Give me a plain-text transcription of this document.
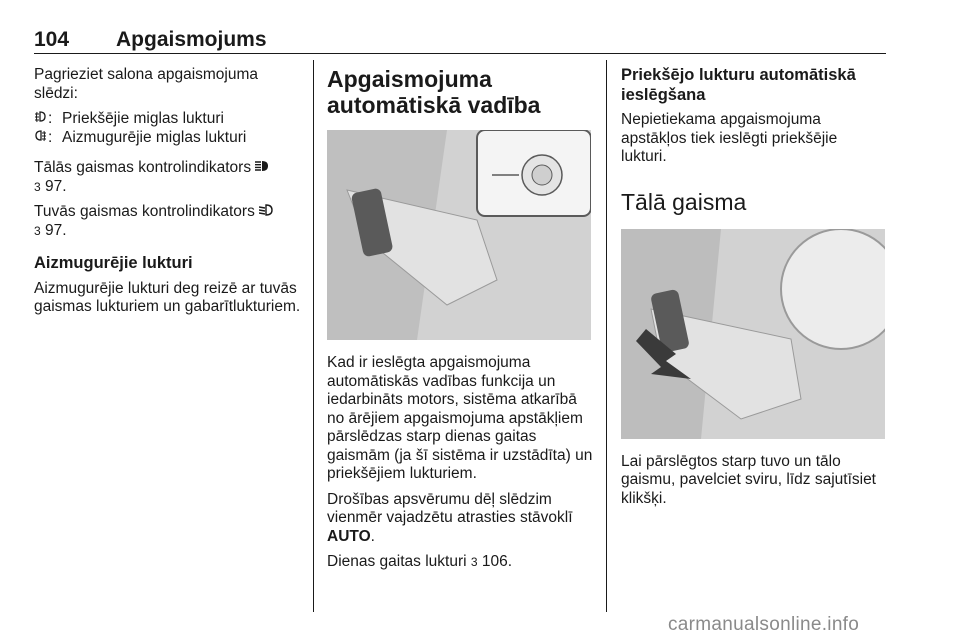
104 Apgaismojums

Pagrieziet salona apgaismojuma slēdzi:

: Priekšējie miglas lukturi
: Aizmugurējie miglas lukturi

Tālās gaismas kontrolindikators
3 97.

Tuvās gaismas kontrolindikators
3 97.

Aizmugurējie lukturi

Aizmugurējie lukturi deg reizē ar tuvās gaismas lukturiem un gabarītlukturiem.

Apgaismojuma automātiskā vadība

Kad ir ieslēgta apgaismojuma automātiskās vadības funkcija un iedarbināts motors, sistēma atkarībā no ārējiem apgaismojuma apstākļiem pārslēdzas starp dienas gaitas gaismām (ja šī sistēma ir uzstādīta) un priekšējiem lukturiem.

Drošības apsvērumu dēļ slēdzim vienmēr vajadzētu atrasties stāvoklī AUTO.

Dienas gaitas lukturi 3 106.

Priekšējo lukturu automātiskā ieslēgšana

Nepietiekama apgaismojuma apstākļos tiek ieslēgti priekšējie lukturi.

Tālā gaisma

Lai pārslēgtos starp tuvo un tālo gaismu, pavelciet sviru, līdz sajutīsiet klikšķi.

carmanualsonline.info
